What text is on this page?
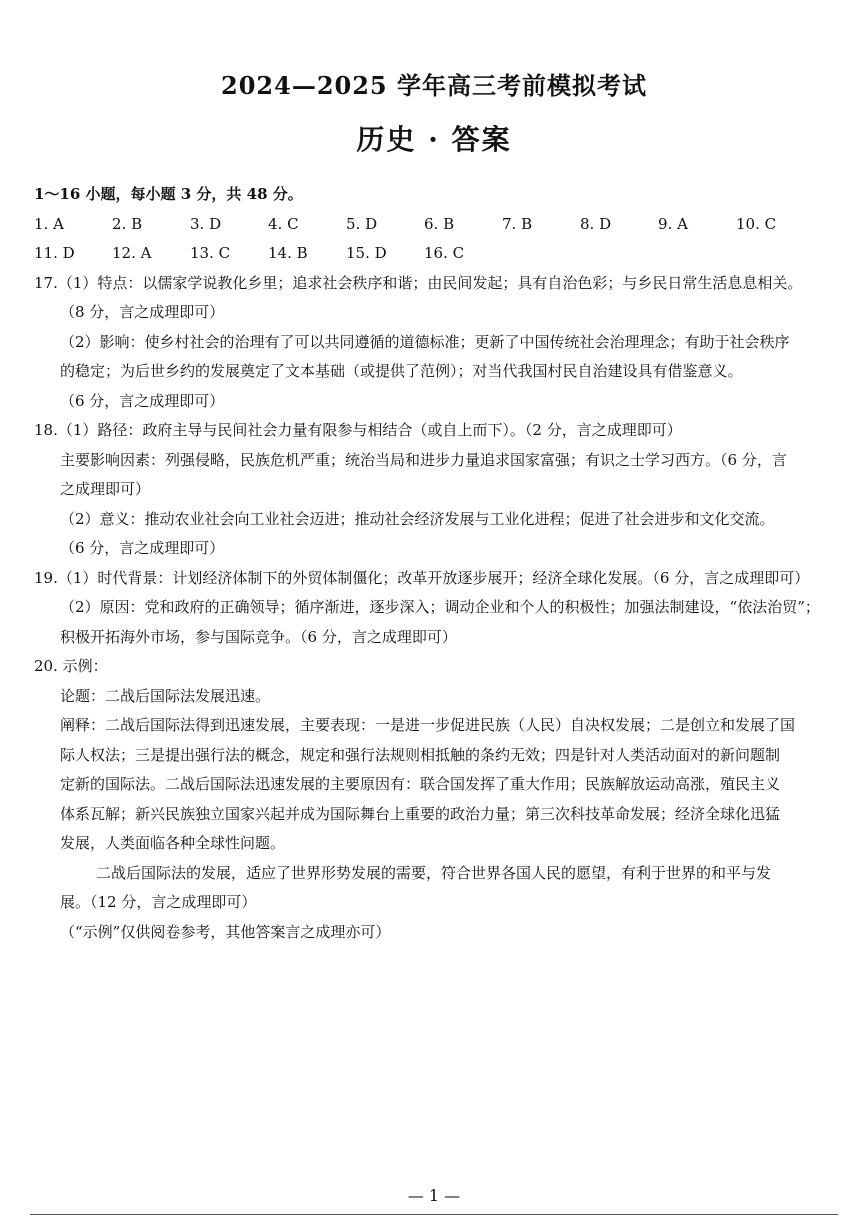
2024—2025 学年高三考前模拟考试
历史 · 答案
1～16 小题，每小题 3 分，共 48 分。
1. A	2. B	3. D	4. C	5. D	6. B	7. B	8. D	9. A	10. C
11. D	12. A	13. C	14. B	15. D	16. C
17.（1）特点：以儒家学说教化乡里；追求社会秩序和谐；由民间发起；具有自治色彩；与乡民日常生活息息相关。
（8 分，言之成理即可）
（2）影响：使乡村社会的治理有了可以共同遵循的道德标准；更新了中国传统社会治理理念；有助于社会秩序
的稳定；为后世乡约的发展奠定了文本基础（或提供了范例）；对当代我国村民自治建设具有借鉴意义。
（6 分，言之成理即可）
18.（1）路径：政府主导与民间社会力量有限参与相结合（或自上而下）。（2 分，言之成理即可）
主要影响因素：列强侵略，民族危机严重；统治当局和进步力量追求国家富强；有识之士学习西方。（6 分，言
之成理即可）
（2）意义：推动农业社会向工业社会迈进；推动社会经济发展与工业化进程；促进了社会进步和文化交流。
（6 分，言之成理即可）
19.（1）时代背景：计划经济体制下的外贸体制僵化；改革开放逐步展开；经济全球化发展。（6 分，言之成理即可）
（2）原因：党和政府的正确领导；循序渐进，逐步深入；调动企业和个人的积极性；加强法制建设，“依法治贸”；
积极开拓海外市场，参与国际竞争。（6 分，言之成理即可）
20. 示例：
论题：二战后国际法发展迅速。
阐释：二战后国际法得到迅速发展，主要表现：一是进一步促进民族（人民）自决权发展；二是创立和发展了国
际人权法；三是提出强行法的概念，规定和强行法规则相抵触的条约无效；四是针对人类活动面对的新问题制
定新的国际法。二战后国际法迅速发展的主要原因有：联合国发挥了重大作用；民族解放运动高涨，殖民主义
体系瓦解；新兴民族独立国家兴起并成为国际舞台上重要的政治力量；第三次科技革命发展；经济全球化迅猛
发展，人类面临各种全球性问题。
二战后国际法的发展，适应了世界形势发展的需要，符合世界各国人民的愿望，有利于世界的和平与发
展。（12 分，言之成理即可）
（“示例”仅供阅卷参考，其他答案言之成理亦可）
— 1 —
